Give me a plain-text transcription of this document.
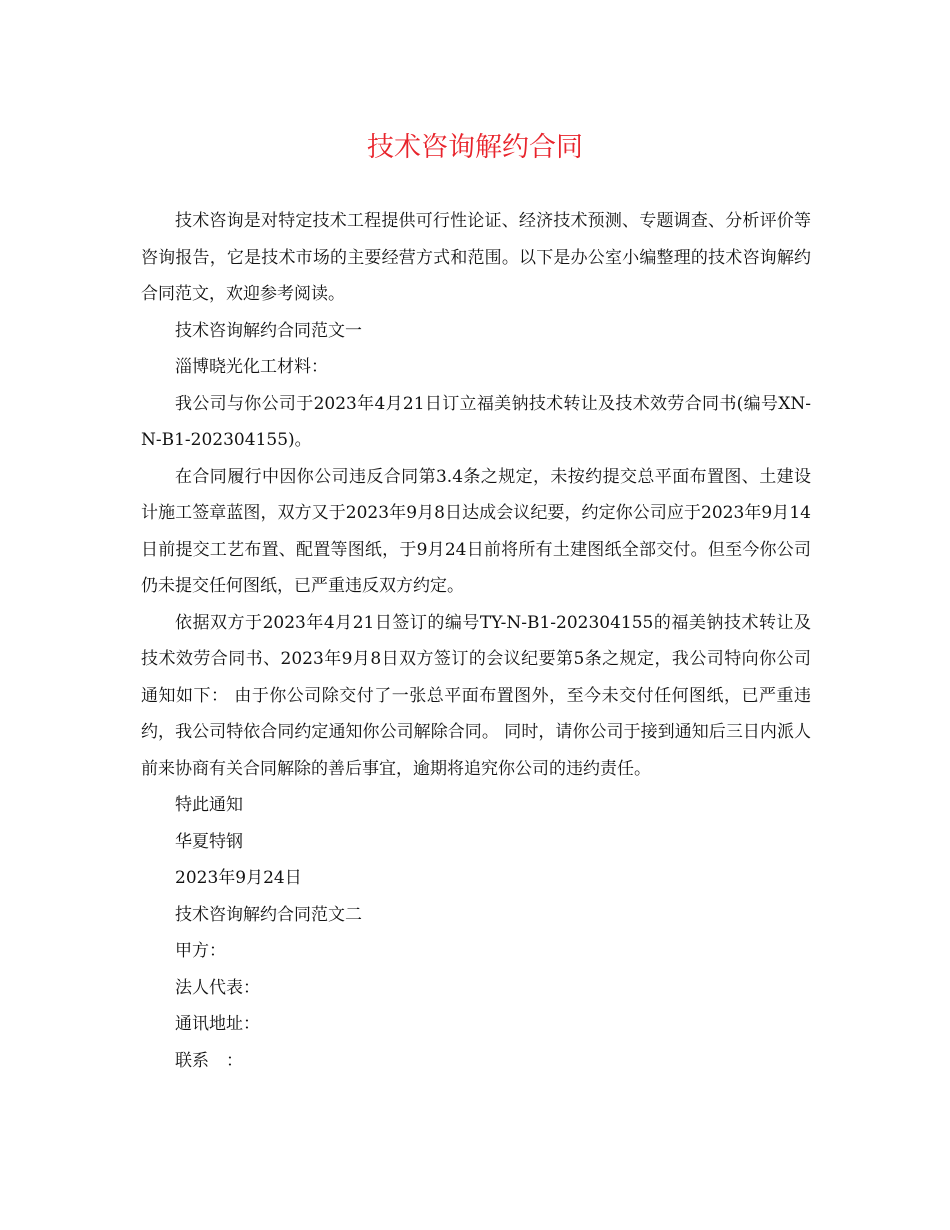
技术咨询解约合同

技术咨询是对特定技术工程提供可行性论证、经济技术预测、专题调查、分析评价等咨询报告，它是技术市场的主要经营方式和范围。以下是办公室小编整理的技术咨询解约合同范文，欢迎参考阅读。

技术咨询解约合同范文一

淄博晓光化工材料：

我公司与你公司于2023年4月21日订立福美钠技术转让及技术效劳合同书(编号XN-N-B1-202304155)。

在合同履行中因你公司违反合同第3.4条之规定，未按约提交总平面布置图、土建设计施工签章蓝图，双方又于2023年9月8日达成会议纪要，约定你公司应于2023年9月14日前提交工艺布置、配置等图纸，于9月24日前将所有土建图纸全部交付。但至今你公司仍未提交任何图纸，已严重违反双方约定。

依据双方于2023年4月21日签订的编号TY-N-B1-202304155的福美钠技术转让及技术效劳合同书、2023年9月8日双方签订的会议纪要第5条之规定，我公司特向你公司通知如下： 由于你公司除交付了一张总平面布置图外，至今未交付任何图纸，已严重违约，我公司特依合同约定通知你公司解除合同。 同时，请你公司于接到通知后三日内派人前来协商有关合同解除的善后事宜，逾期将追究你公司的违约责任。

特此通知

华夏特钢

2023年9月24日

技术咨询解约合同范文二

甲方：

法人代表：

通讯地址：

联系　：
